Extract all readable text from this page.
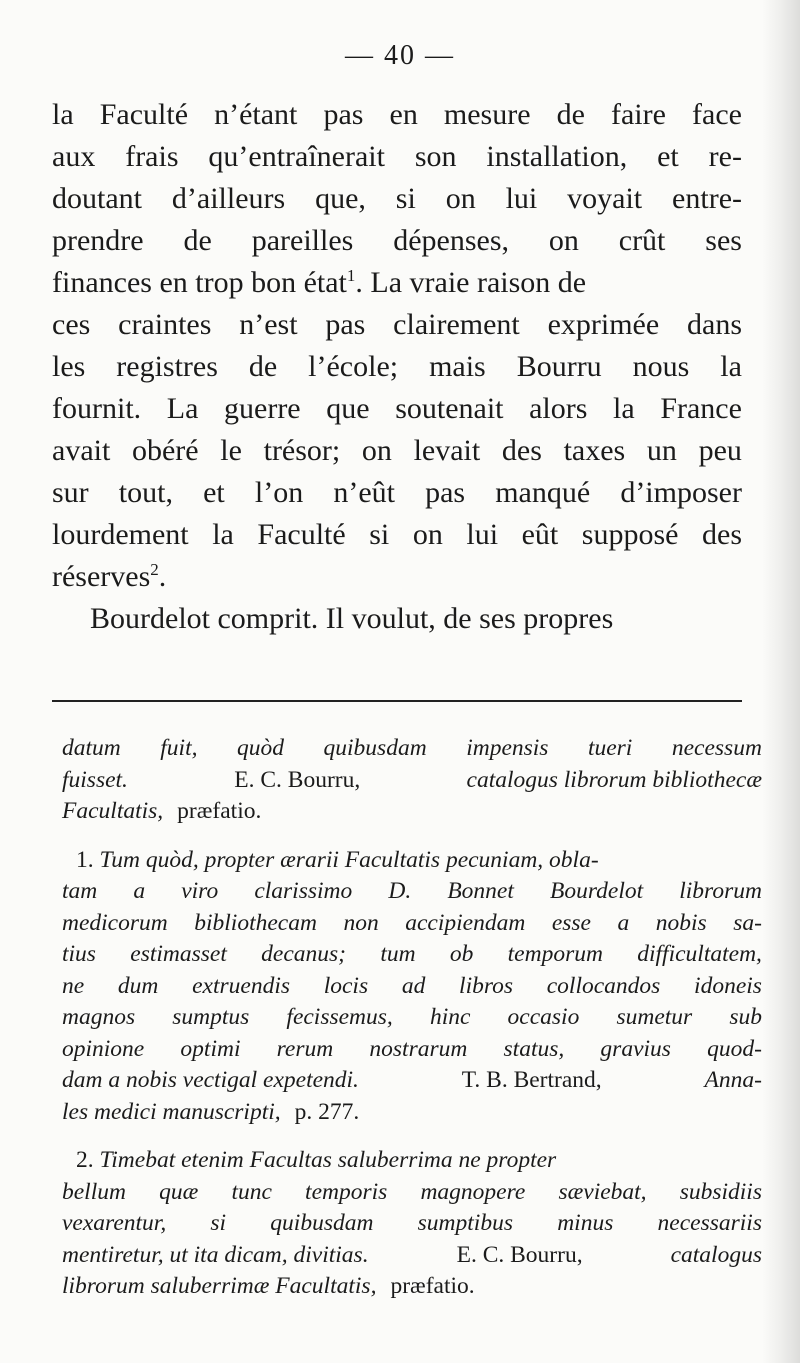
— 40 —
la Faculté n’étant pas en mesure de faire face
aux frais qu’entraînerait son installation, et re-
doutant d’ailleurs que, si on lui voyait entre-
prendre de pareilles dépenses, on crût ses
finances en trop bon état$^1$. La vraie raison de
ces craintes n’est pas clairement exprimée dans
les registres de l’école; mais Bourru nous la
fournit. La guerre que soutenait alors la France
avait obéré le trésor; on levait des taxes un peu
sur tout, et l’on n’eût pas manqué d’imposer
lourdement la Faculté si on lui eût supposé des
réserves$^2$.
Bourdelot comprit. Il voulut, de ses propres
datum fuit, quòd quibusdam impensis tueri necessum
fuisset.	E. C. Bourru,	catalogus librorum bibliothecæ
Facultatis, præfatio.
1. Tum quòd, propter ærarii Facultatis pecuniam, obla-
tam a viro clarissimo D. Bonnet Bourdelot librorum
medicorum bibliothecam non accipiendam esse a nobis sa-
tius estimasset decanus; tum ob temporum difficultatem,
ne dum extruendis locis ad libros collocandos idoneis
magnos sumptus fecissemus, hinc occasio sumetur sub
opinione optimi rerum nostrarum status, gravius quod-
dam a nobis vectigal expetendi.	T. B. Bertrand,	Anna-
les medici manuscripti, p. 277.
2. Timebat etenim Facultas saluberrima ne propter
bellum quæ tunc temporis magnopere sæviebat, subsidiis
vexarentur, si quibusdam sumptibus minus necessariis
mentiretur, ut ita dicam, divitias.	E. C. Bourru,	catalogus
librorum saluberrimæ Facultatis, præfatio.
